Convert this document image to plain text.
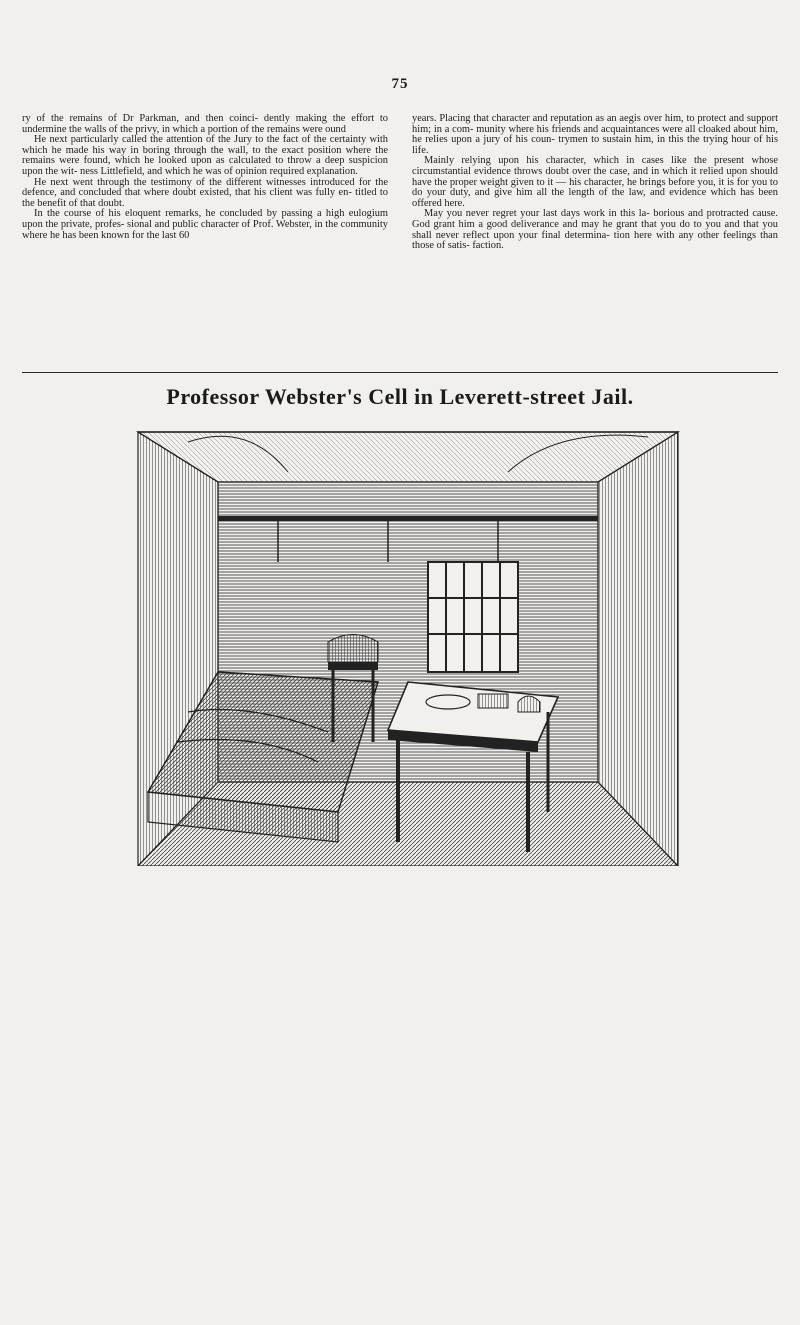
75

ry of the remains of Dr Parkman, and then coinci- dently making the effort to undermine the walls of the privy, in which a portion of the remains were ound

He next particularly called the attention of the Jury to the fact of the certainty with which he made his way in boring through the wall, to the exact position where the remains were found, which he looked upon as calculated to throw a deep suspicion upon the wit- ness Littlefield, and which he was of opinion required explanation.

He next went through the testimony of the different witnesses introduced for the defence, and concluded that where doubt existed, that his client was fully en- titled to the benefit of that doubt.

In the course of his eloquent remarks, he concluded by passing a high eulogium upon the private, profes- sional and public character of Prof. Webster, in the community where he has been known for the last 60

years. Placing that character and reputation as an aegis over him, to protect and support him; in a com- munity where his friends and acquaintances were all cloaked about him, he relies upon a jury of his coun- trymen to sustain him, in this the trying hour of his life.

Mainly relying upon his character, which in cases like the present whose circumstantial evidence throws doubt over the case, and in which it relied upon should have the proper weight given to it — his character, he brings before you, it is for you to do your duty, and give him all the length of the law, and evidence which has been offered here.

May you never regret your last days work in this la- borious and protracted cause. God grant him a good deliverance and may he grant that you do to you and that you shall never reflect upon your final determina- tion here with any other feelings than those of satis- faction.

Professor Webster's Cell in Leverett-street Jail.
